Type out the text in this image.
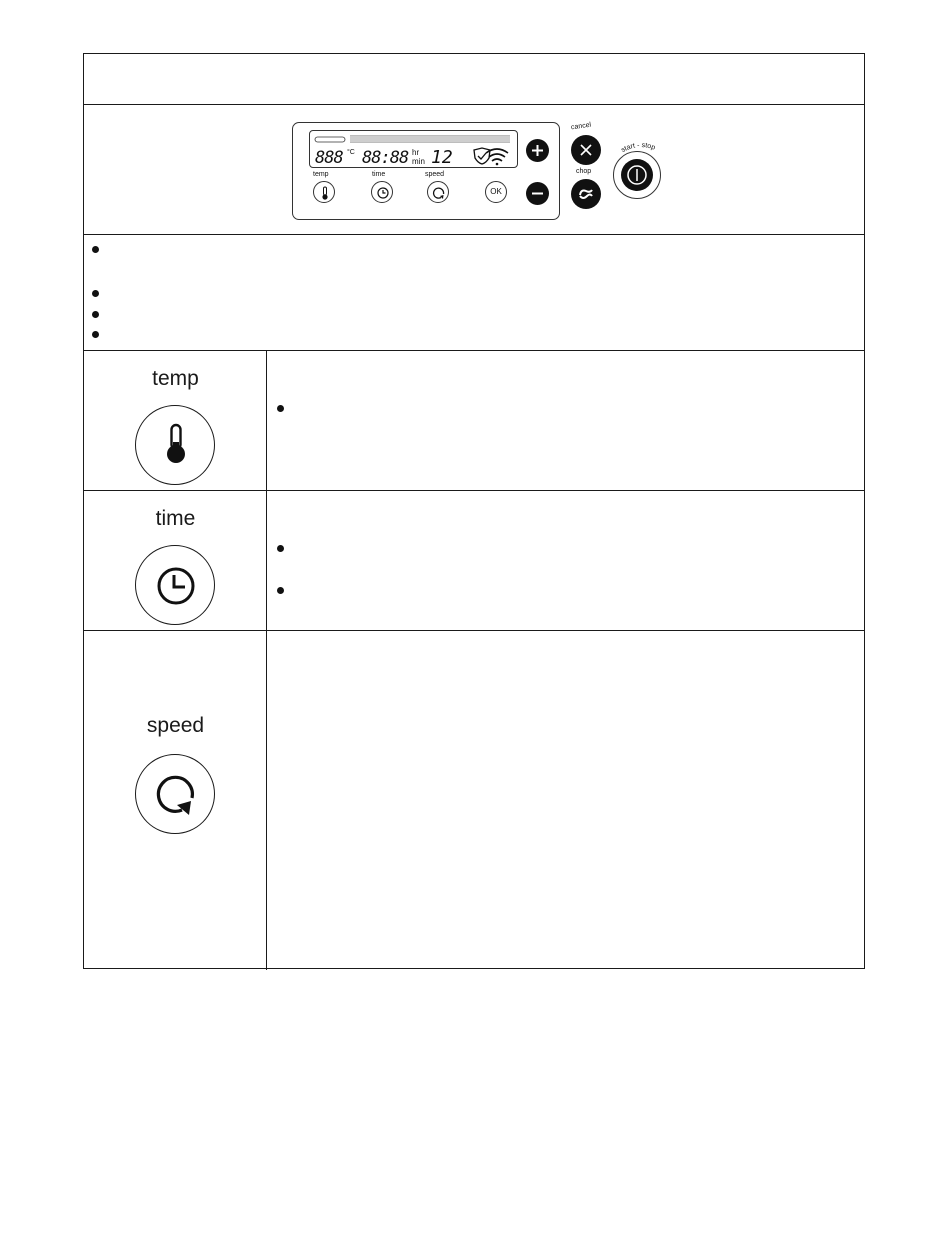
888 °C 88:88 hr
min 12
temp	time	speed
OK
cancel
chop
start - stop
temp
time
speed
